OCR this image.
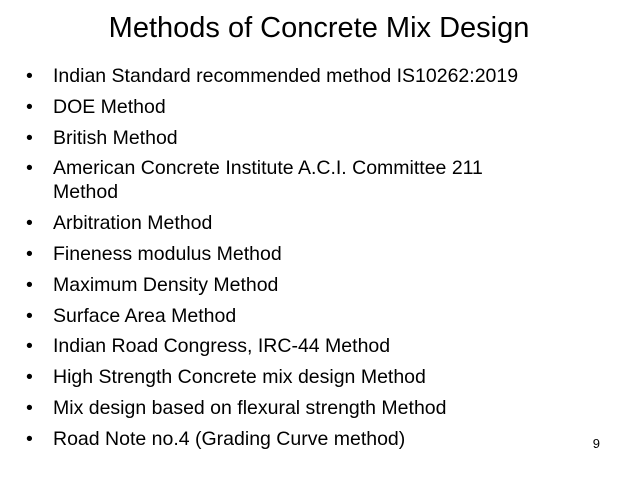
Methods of Concrete Mix Design
•	Indian Standard recommended method IS10262:2019
•	DOE Method
•	British Method
•	American Concrete Institute A.C.I. Committee 211 Method
•	Arbitration Method
•	Fineness modulus Method
•	Maximum Density Method
•	Surface Area Method
•	Indian Road Congress, IRC-44 Method
•	High Strength Concrete mix design Method
•	Mix design based on flexural strength Method
•	Road Note no.4 (Grading Curve method)	9
